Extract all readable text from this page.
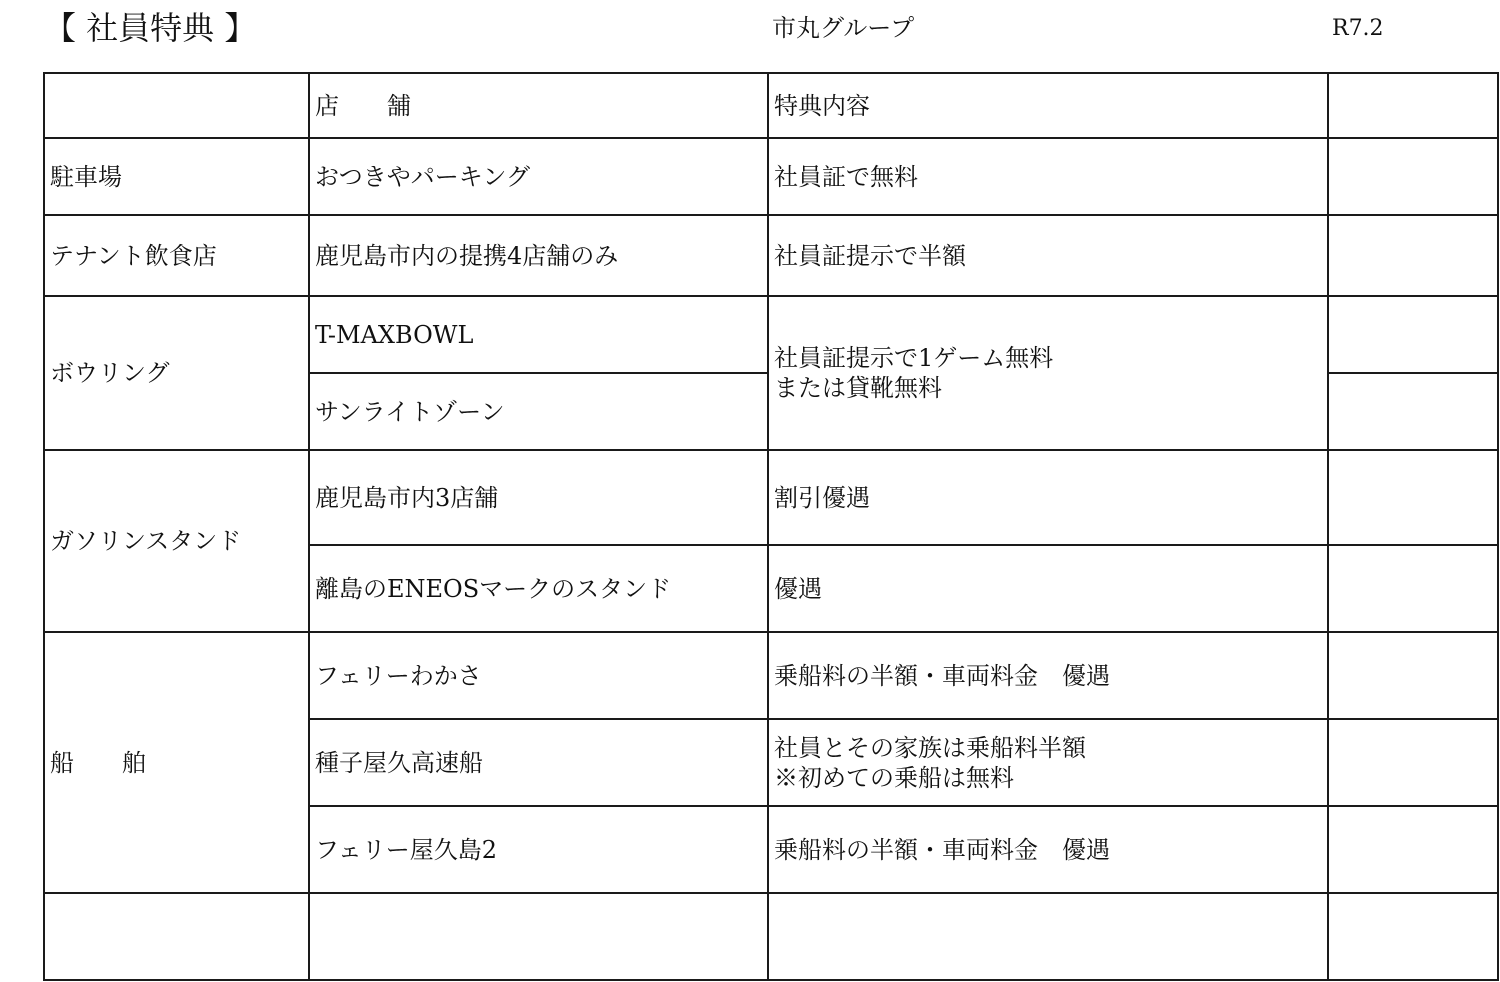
【 社員特典 】	市丸グループ	R7.2
	店　　舗	特典内容	
駐車場	おつきやパーキング	社員証で無料	
テナント飲食店	鹿児島市内の提携4店舗のみ	社員証提示で半額	
ボウリング	T-MAXBOWL	社員証提示で1ゲーム無料
または貸靴無料	

	サンライトゾーン		
ガソリンスタンド	鹿児島市内3店舗	割引優遇	
	離島のENEOSマークのスタンド	優遇	
船　　舶	フェリーわかさ	乗船料の半額・車両料金　優遇	
	種子屋久高速船	社員とその家族は乗船料半額
※初めての乗船は無料	

	フェリー屋久島2	乗船料の半額・車両料金　優遇	
